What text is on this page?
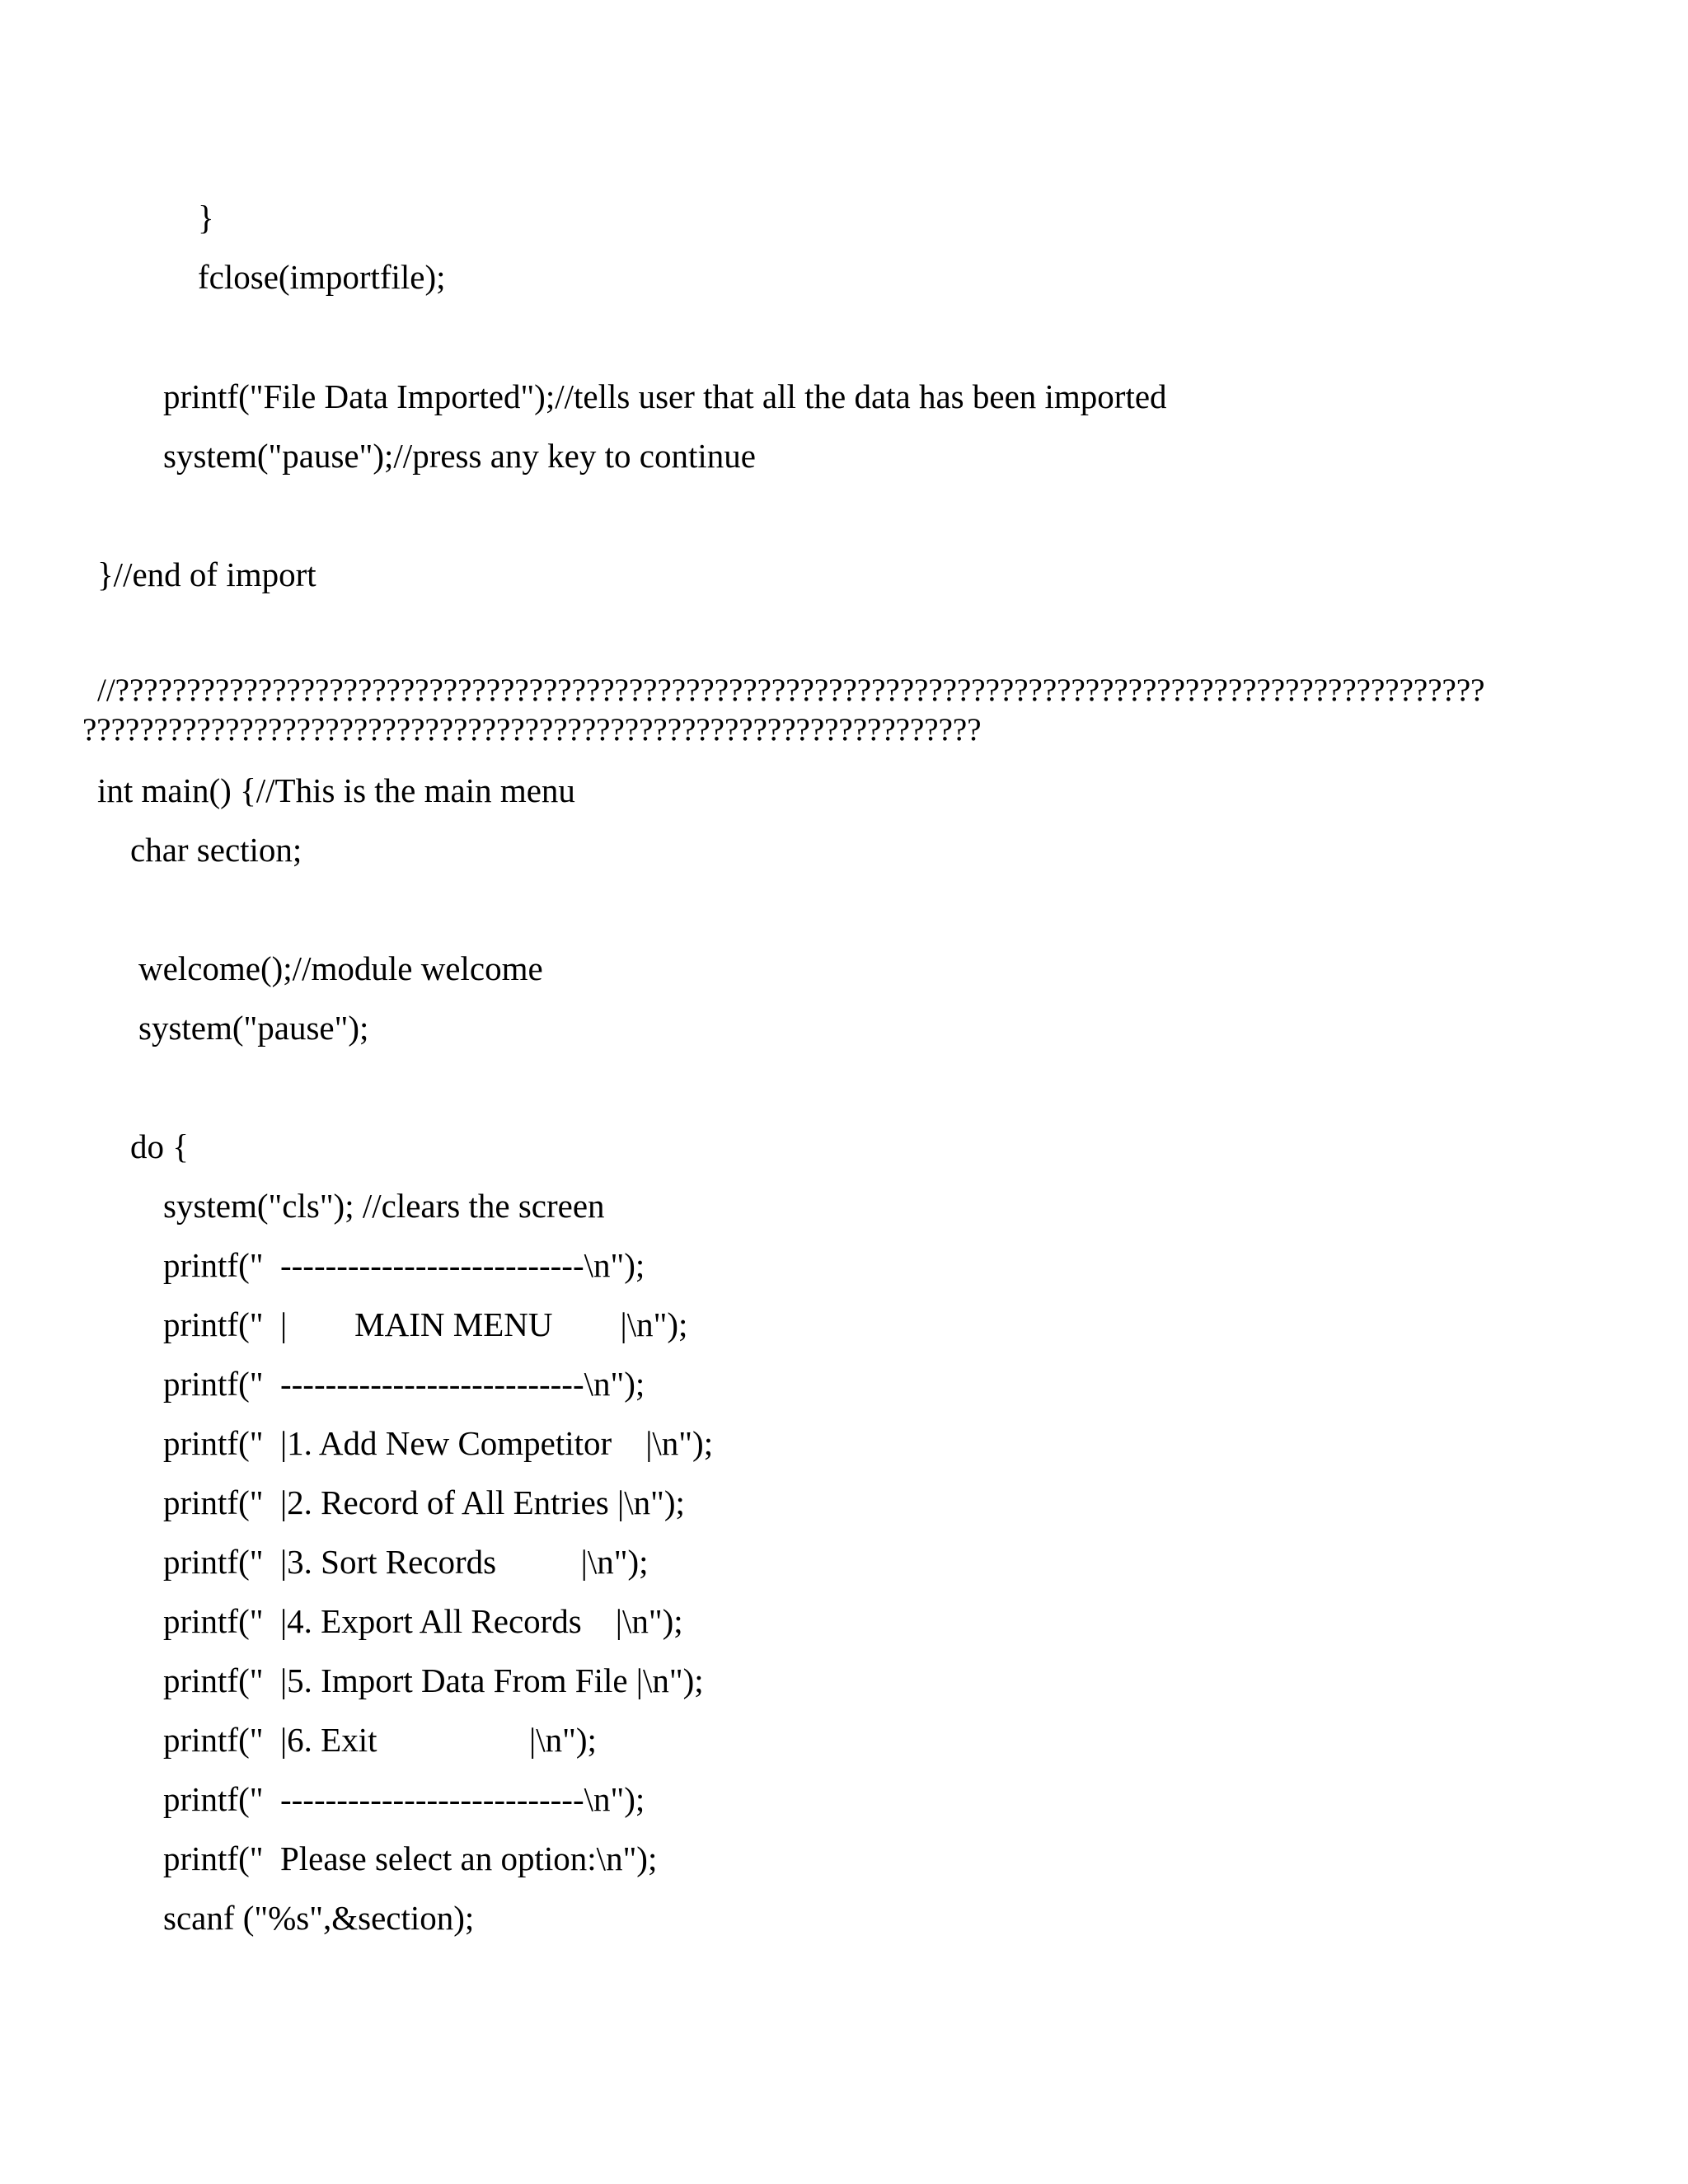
}
fclose(importfile);
printf("File Data Imported");//tells user that all the data has been imported
system("pause");//press any key to continue
}//end of import
//????????????????????????????????????????????????????????????????????????????????????????????????
???????????????????????????????????????????????????????????????
int main() {//This is the main menu
char section;
welcome();//module welcome
system("pause");
do {
system("cls"); //clears the screen
printf("  ---------------------------\n");
printf("  |        MAIN MENU        |\n");
printf("  ---------------------------\n");
printf("  |1. Add New Competitor    |\n");
printf("  |2. Record of All Entries |\n");
printf("  |3. Sort Records          |\n");
printf("  |4. Export All Records    |\n");
printf("  |5. Import Data From File |\n");
printf("  |6. Exit                  |\n");
printf("  ---------------------------\n");
printf("  Please select an option:\n");
scanf ("%s",&section);
